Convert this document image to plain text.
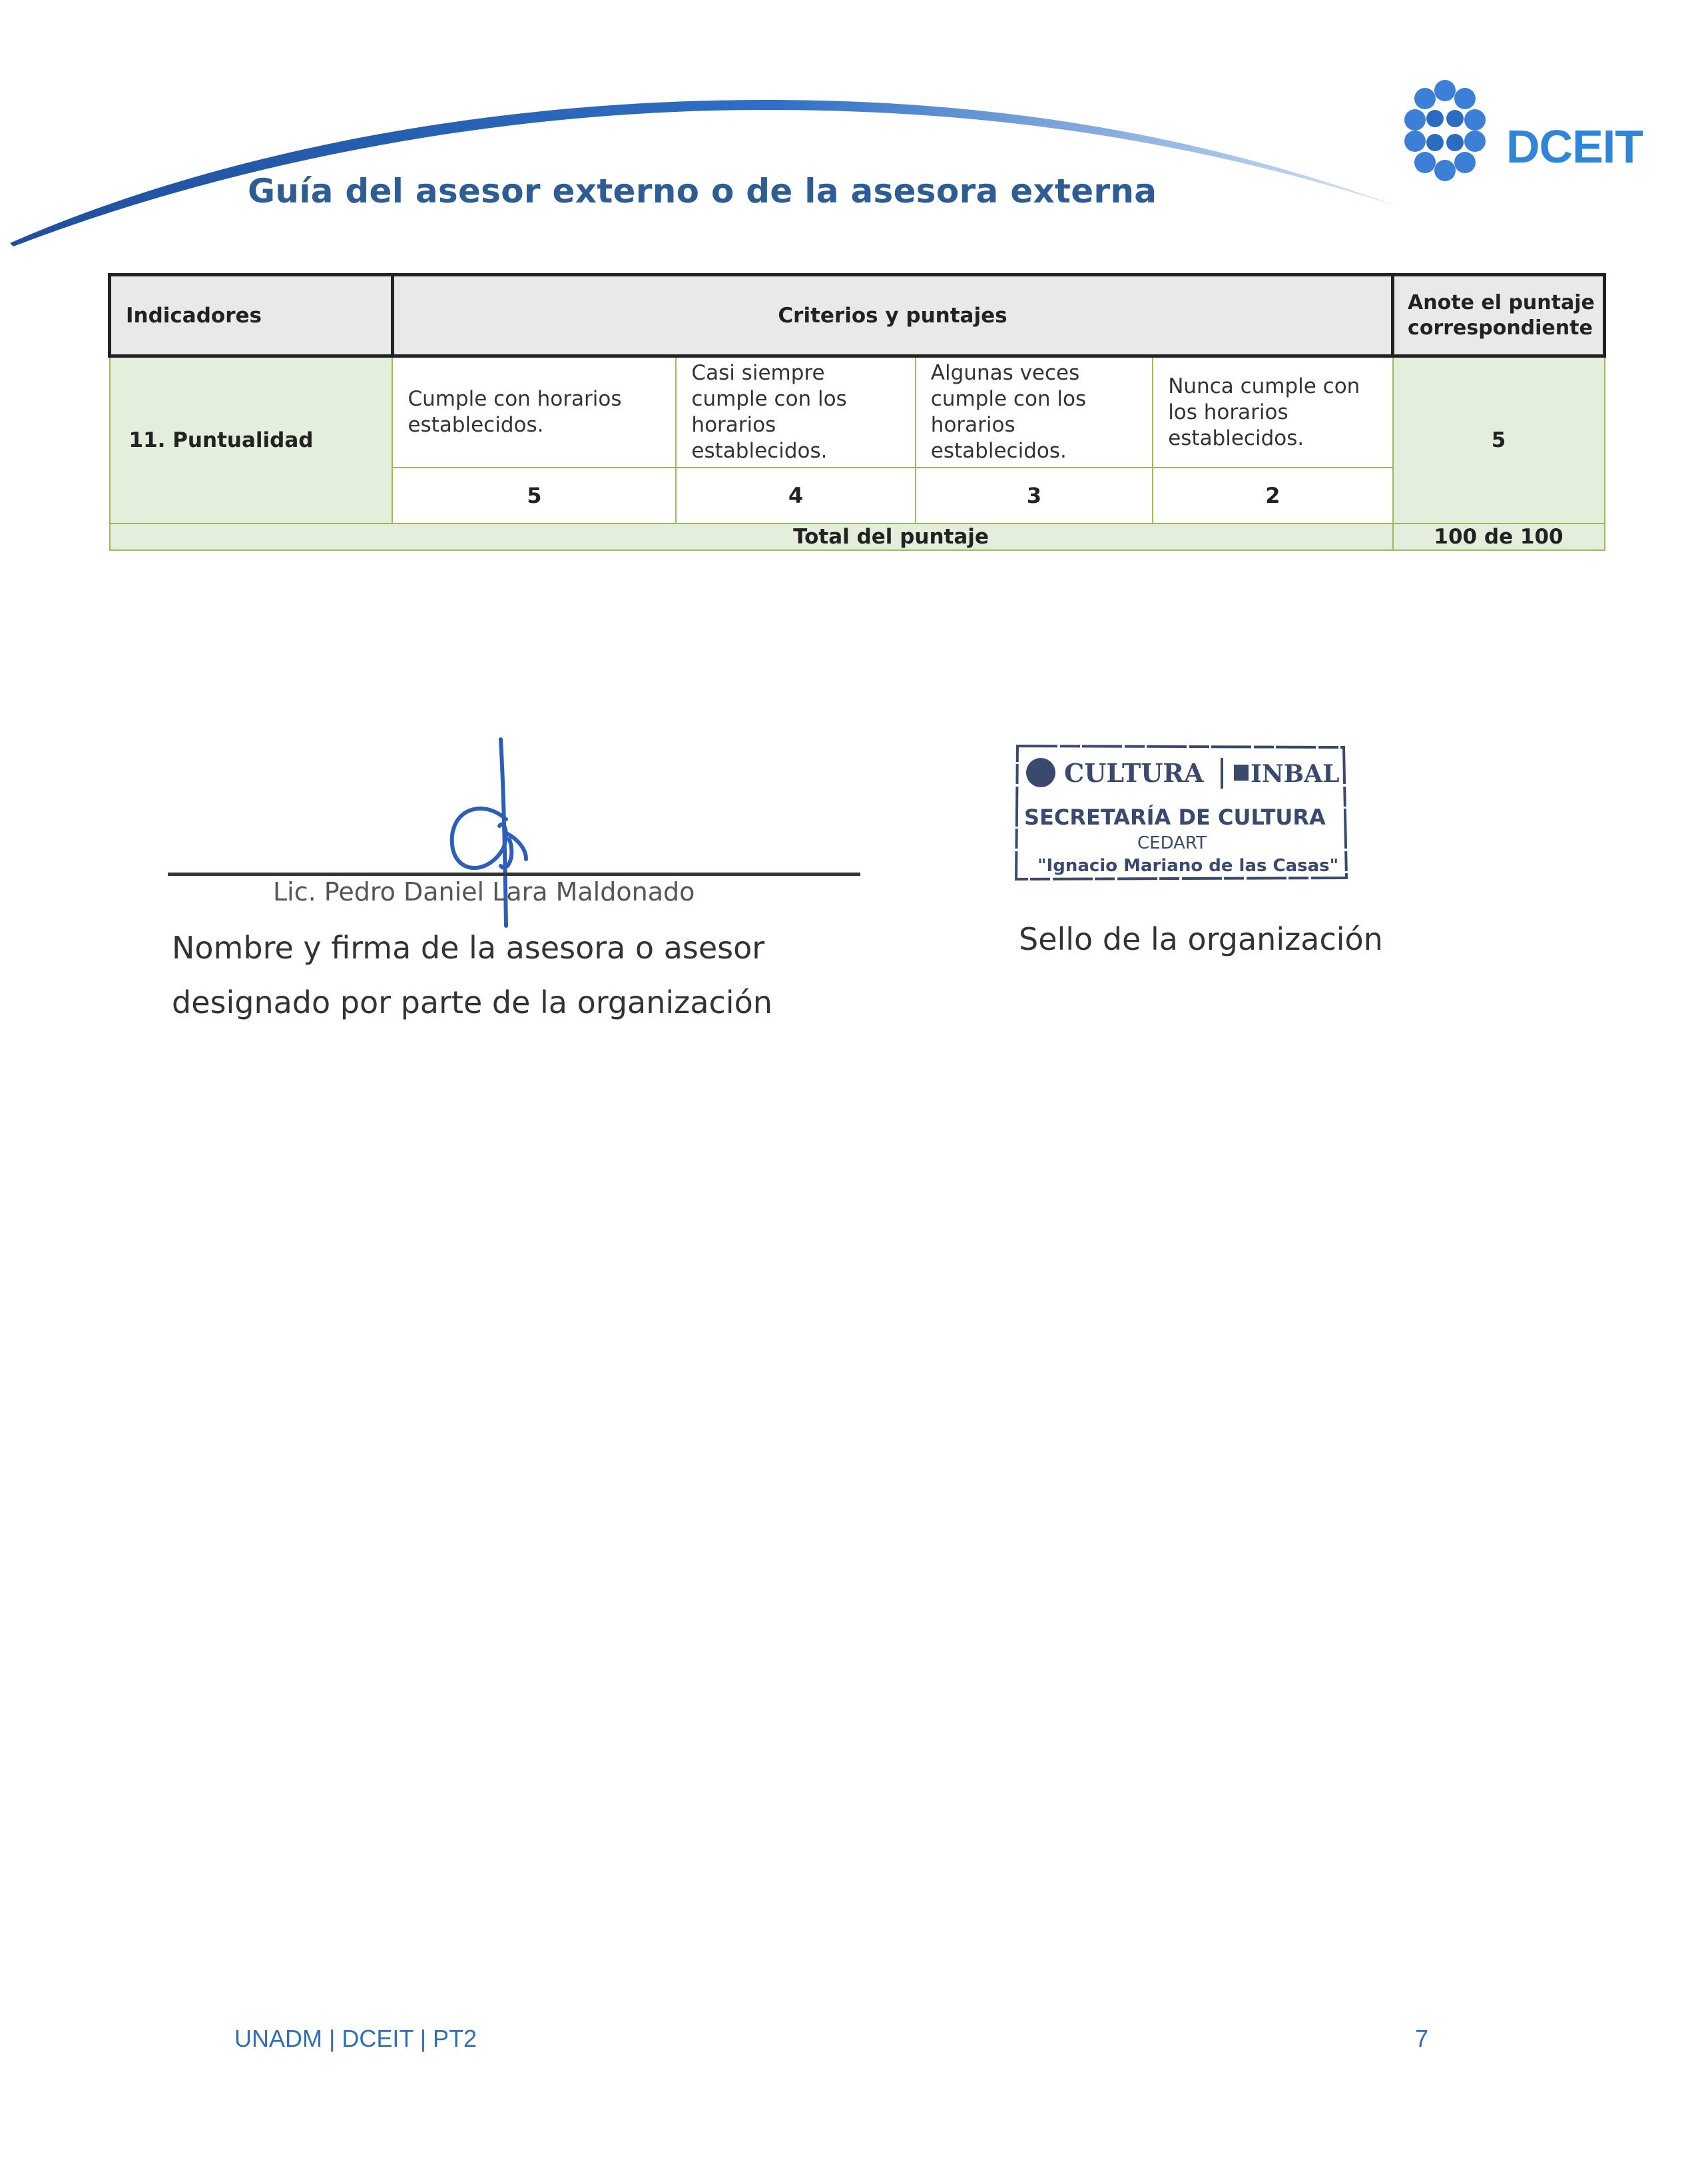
Guía del asesor externo o de la asesora externa
DCEIT
Indicadores	Criterios y puntajes				Anote el puntaje correspondiente
11. Puntualidad	Cumple con horarios establecidos.	Casi siempre cumple con los horarios establecidos.	Algunas veces cumple con los horarios establecidos.	Nunca cumple con los horarios establecidos.	5
	5	4	3	2	
Total del puntaje					100 de 100
Lic. Pedro Daniel Lara Maldonado
Nombre y firma de la asesora o asesor
designado por parte de la organización
CULTURA INBAL
SECRETARÍA DE CULTURA
CEDART
"Ignacio Mariano de las Casas"
Sello de la organización
UNADM | DCEIT | PT2	7
